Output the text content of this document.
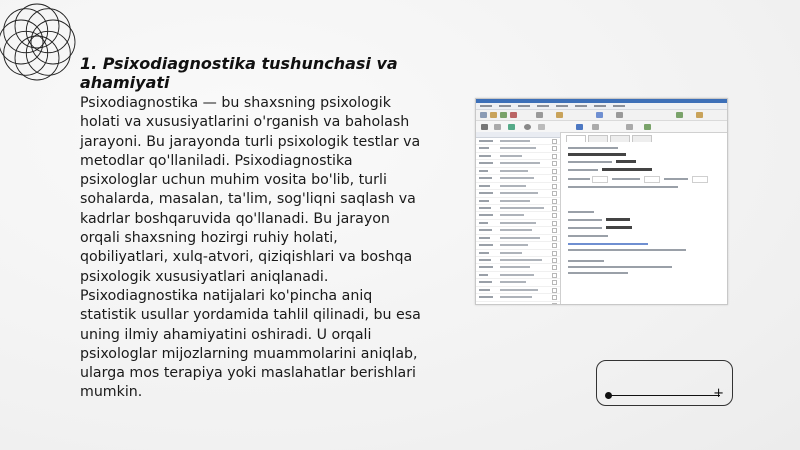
1. Psixodiagnostika tushunchasi va ahamiyati
Psixodiagnostika — bu shaxsning psixologik holati va xususiyatlarini o'rganish va baholash jarayoni. Bu jarayonda turli psixologik testlar va metodlar qo'llaniladi. Psixodiagnostika psixologlar uchun muhim vosita bo'lib, turli sohalarda, masalan, ta'lim, sog'liqni saqlash va kadrlar boshqaruvida qo'llanadi. Bu jarayon orqali shaxsning hozirgi ruhiy holati, qobiliyatlari, xulq-atvori, qiziqishlari va boshqa psixologik xususiyatlari aniqlanadi. Psixodiagnostika natijalari ko'pincha aniq statistik usullar yordamida tahlil qilinadi, bu esa uning ilmiy ahamiyatini oshiradi. U orqali psixologlar mijozlarning muammolarini aniqlab, ularga mos terapiya yoki maslahatlar berishlari mumkin.	+
